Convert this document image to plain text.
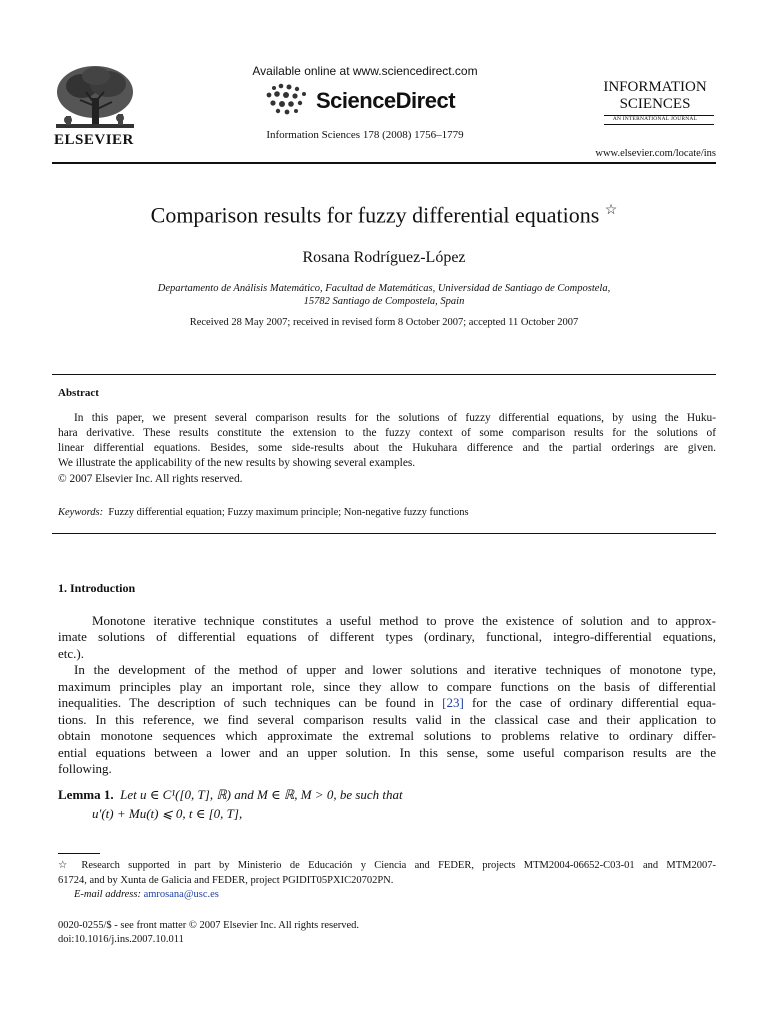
ELSEVIER
Available online at www.sciencedirect.com
ScienceDirect
Information Sciences 178 (2008) 1756–1779
INFORMATION
SCIENCES
AN INTERNATIONAL JOURNAL
www.elsevier.com/locate/ins
Comparison results for fuzzy differential equations ☆
Rosana Rodríguez-López
Departamento de Análisis Matemático, Facultad de Matemáticas, Universidad de Santiago de Compostela,
15782 Santiago de Compostela, Spain
Received 28 May 2007; received in revised form 8 October 2007; accepted 11 October 2007
Abstract
In this paper, we present several comparison results for the solutions of fuzzy differential equations, by using the Huku-
hara derivative. These results constitute the extension to the fuzzy context of some comparison results for the solutions of
linear differential equations. Besides, some side-results about the Hukuhara difference and the partial orderings are given.
We illustrate the applicability of the new results by showing several examples.
© 2007 Elsevier Inc. All rights reserved.
Keywords: Fuzzy differential equation; Fuzzy maximum principle; Non-negative fuzzy functions
1. Introduction
Monotone iterative technique constitutes a useful method to prove the existence of solution and to approx-
imate solutions of differential equations of different types (ordinary, functional, integro-differential equations,
etc.).
In the development of the method of upper and lower solutions and iterative techniques of monotone type,
maximum principles play an important role, since they allow to compare functions on the basis of differential
inequalities. The description of such techniques can be found in [23] for the case of ordinary differential equa-
tions. In this reference, we find several comparison results valid in the classical case and their application to
obtain monotone sequences which approximate the extremal solutions to problems relative to ordinary differ-
ential equations between a lower and an upper solution. In this sense, some useful comparison results are the
following.
Lemma 1. Let u ∈ C¹([0, T], ℝ) and M ∈ ℝ, M > 0, be such that
u′(t) + Mu(t) ⩽ 0, t ∈ [0, T],
☆ Research supported in part by Ministerio de Educación y Ciencia and FEDER, projects MTM2004-06652-C03-01 and MTM2007-
61724, and by Xunta de Galicia and FEDER, project PGIDIT05PXIC20702PN.
E-mail address: amrosana@usc.es
0020-0255/$ - see front matter © 2007 Elsevier Inc. All rights reserved.
doi:10.1016/j.ins.2007.10.011
